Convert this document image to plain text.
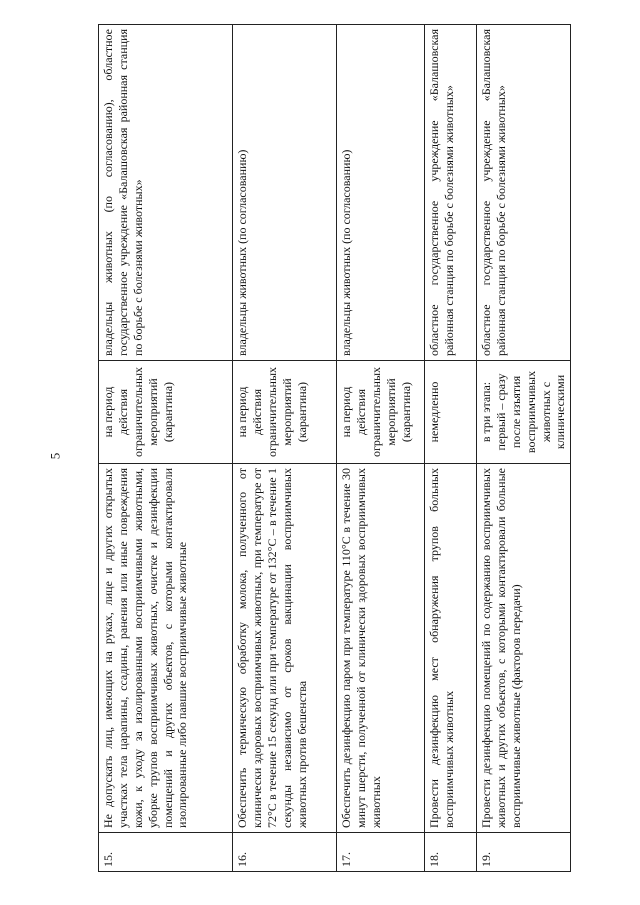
5
15.	Не допускать лиц, имеющих на руках, лице и других открытых участках тела царапины, ссадины, ранения или иные повреждения кожи, к уходу за изолированными восприимчивыми животными, уборке трупов восприимчивых животных, очистке и дезинфекции помещений и других объектов, с которыми контактировали изолированные либо павшие восприимчивые животные	на период действия ограничительных мероприятий (карантина)	владельцы животных (по согласованию), областное государственное учреждение «Балашовская районная станция по борьбе с болезнями животных»
16.	Обеспечить термическую обработку молока, полученного от клинически здоровых восприимчивых животных, при температуре от 72°С в течение 15 секунд или при температуре от 132°С – в течение 1 секунды независимо от сроков вакцинации восприимчивых животных против бешенства	на период действия ограничительных мероприятий (карантина)	владельцы животных (по согласованию)
17.	Обеспечить дезинфекцию паром при температуре 110°С в течение 30 минут шерсти, полученной от клинически здоровых восприимчивых животных	на период действия ограничительных мероприятий (карантина)	владельцы животных (по согласованию)
18.	Провести дезинфекцию мест обнаружения трупов больных восприимчивых животных	немедленно	областное государственное учреждение «Балашовская районная станция по борьбе с болезнями животных»
19.	Провести дезинфекцию помещений по содержанию восприимчивых животных и других объектов, с которыми контактировали больные восприимчивые животные (факторов передачи)	в три этапа: первый – сразу после изъятия восприимчивых животных с клиническими	областное государственное учреждение «Балашовская районная станция по борьбе с болезнями животных»
